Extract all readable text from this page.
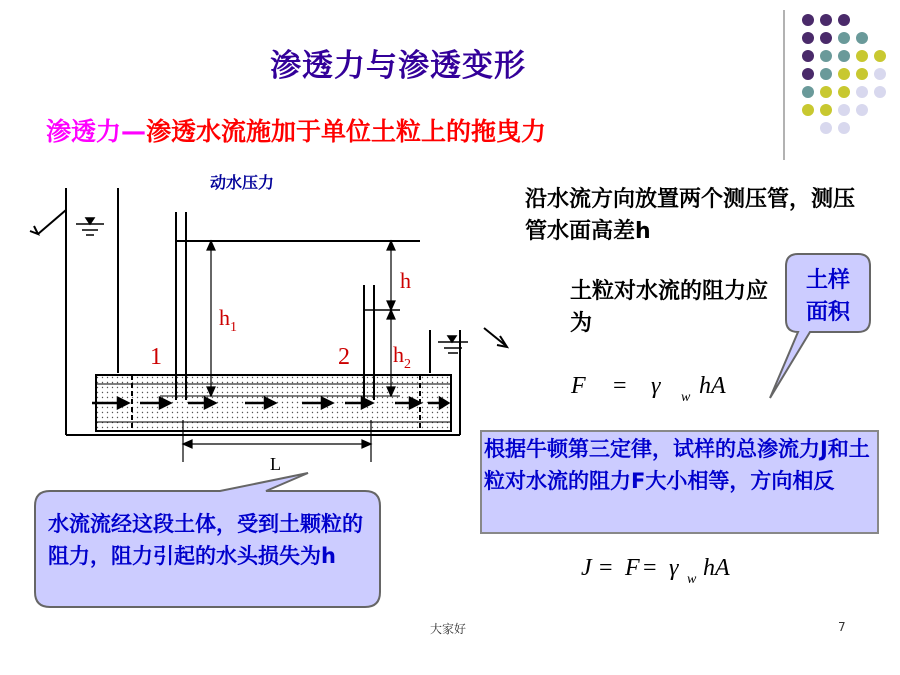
渗透力与渗透变形
渗透力—渗透水流施加于单位土粒上的拖曳力
动水压力
h
$h_1$
$h_2$
1	2
L
沿水流方向放置两个测压管，测压管水面高差h
土粒对水流的阻力应为
土样面积
F = γ w hA
根据牛顿第三定律，试样的总渗流力J和土粒对水流的阻力F大小相等，方向相反
J = F = γ w hA
水流流经这段土体，受到土颗粒的阻力，阻力引起的水头损失为h
大家好	7
